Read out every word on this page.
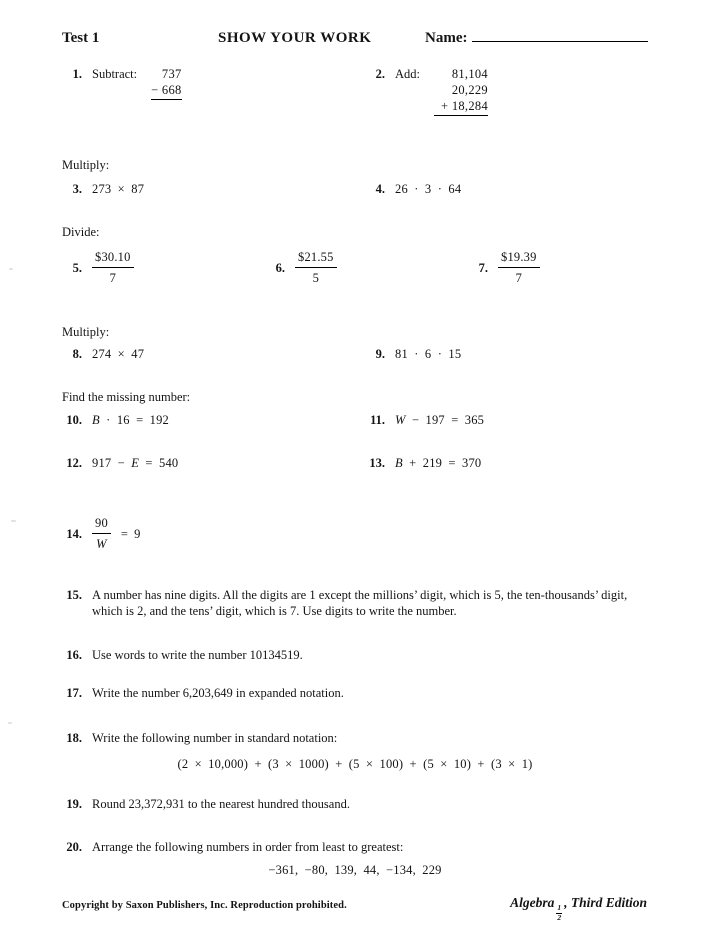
Test 1	SHOW YOUR WORK	Name:
1. Subtract:	737
− 668
2. Add:	81,104
20,229
+ 18,284
Multiply:
3. 273 × 87	4. 26 · 3 · 64
Divide:
5. $\frac{\$30.10}{7}$	6. $\frac{\$21.55}{5}$	7. $\frac{\$19.39}{7}$
Multiply:
8. 274 × 47	9. 81 · 6 · 15
Find the missing number:
10. B · 16 = 192	11. W − 197 = 365
12. 917 − E = 540	13. B + 219 = 370
14. $\frac{90}{W} = 9$
15. A number has nine digits. All the digits are 1 except the millions’ digit, which is 5, the ten-thousands’ digit, which is 2, and the tens’ digit, which is 7. Use digits to write the number.
16. Use words to write the number 10134519.
17. Write the number 6,203,649 in expanded notation.
18. Write the following number in standard notation:
(2 × 10,000) + (3 × 1000) + (5 × 100) + (5 × 10) + (3 × 1)
19. Round 23,372,931 to the nearest hundred thousand.
20. Arrange the following numbers in order from least to greatest:
−361, −80, 139, 44, −134, 229
Copyright by Saxon Publishers, Inc. Reproduction prohibited.	Algebra
$\frac{1}{2}$
, Third Edition
